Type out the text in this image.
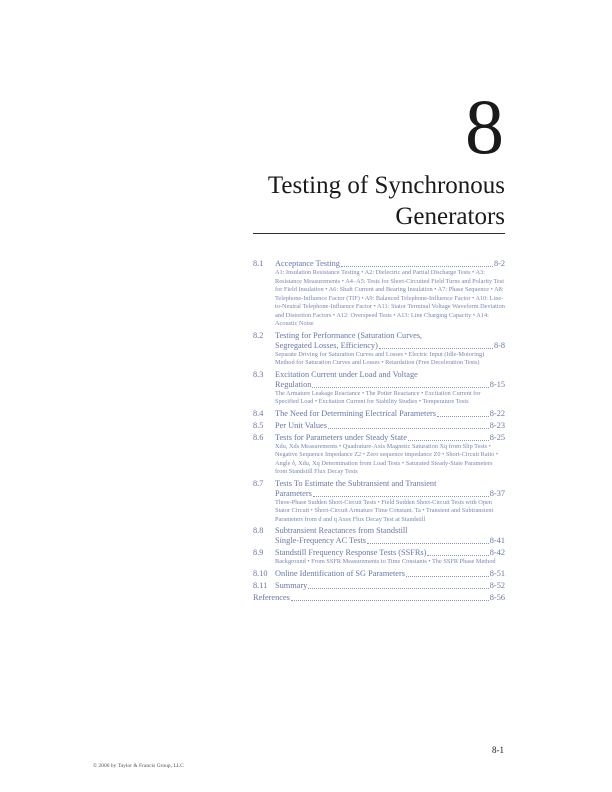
8
Testing of Synchronous
Generators
8.1	Acceptance Testing	8-2
A1: Insulation Resistance Testing • A2: Dielectric and Partial Discharge Tests • A3: Resistance Measurements • A4–A5: Tests for Short-Circuited Field Turns and Polarity Test for Field Insulation • A6: Shaft Current and Bearing Insulation • A7: Phase Sequence • A8: Telephone-Influence Factor (TIF) • A9: Balanced Telephone-Influence Factor • A10: Line-to-Neutral Telephone-Influence Factor • A11: Stator Terminal Voltage Waveform Deviation and Distortion Factors • A12: Overspeed Tests • A13: Line Charging Capacity • A14: Acoustic Noise
8.2	Testing for Performance (Saturation Curves,
Segregated Losses, Efficiency)	8-8
Separate Driving for Saturation Curves and Losses • Electric Input (Idle-Motoring) Method for Saturation Curves and Losses • Retardation (Free Deceleration Tests)
8.3	Excitation Current under Load and Voltage
Regulation	8-15
The Armature Leakage Reactance • The Potier Reactance • Excitation Current for Specified Load • Excitation Current for Stability Studies • Temperature Tests
8.4	The Need for Determining Electrical Parameters	8-22
8.5	Per Unit Values	8-23
8.6	Tests for Parameters under Steady State	8-25
Xdu, Xds Measurements • Quadrature-Axis Magnetic Saturation Xq from Slip Tests • Negative Sequence Impedance Z2 • Zero sequence impedance Z0 • Short-Circuit Ratio • Angle δ, Xdu, Xq Determination from Load Tests • Saturated Steady-State Parameters from Standstill Flux Decay Tests
8.7	Tests To Estimate the Subtransient and Transient
Parameters	8-37
Three-Phase Sudden Short-Circuit Tests • Field Sudden Short-Circuit Tests with Open Stator Circuit • Short-Circuit Armature Time Constant. Ta • Transient and Subtransient Parameters from d and q Axes Flux Decay Test at Standstill
8.8	Subtransient Reactances from Standstill
Single-Frequency AC Tests	8-41
8.9	Standstill Frequency Response Tests (SSFRs)	8-42
Background • From SSFR Measurements to Time Constants • The SSFR Phase Method
8.10 Online Identification of SG Parameters	8-51
8.11 Summary	8-52
References	8-56
8-1
© 2006 by Taylor & Francis Group, LLC
